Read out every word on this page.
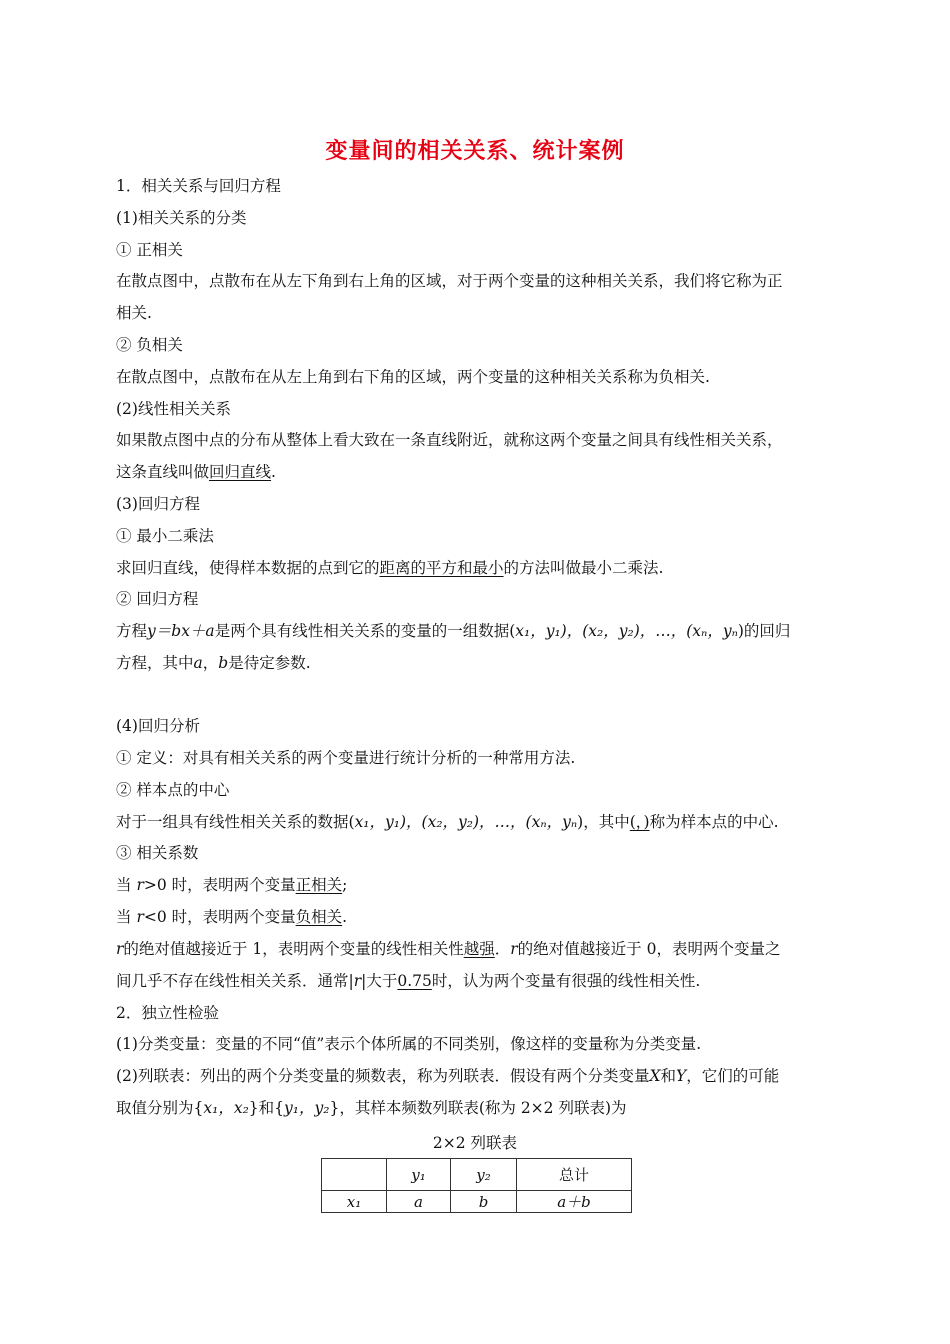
变量间的相关关系、统计案例
1．相关关系与回归方程
(1)相关关系的分类
① 正相关
在散点图中，点散布在从左下角到右上角的区域，对于两个变量的这种相关关系，我们将它称为正
相关.
② 负相关
在散点图中，点散布在从左上角到右下角的区域，两个变量的这种相关关系称为负相关.
(2)线性相关关系
如果散点图中点的分布从整体上看大致在一条直线附近，就称这两个变量之间具有线性相关关系，
这条直线叫做回归直线.
(3)回归方程
① 最小二乘法
求回归直线，使得样本数据的点到它的距离的平方和最小的方法叫做最小二乘法.
② 回归方程
方程y＝bx＋a是两个具有线性相关关系的变量的一组数据(x₁，y₁)，(x₂，y₂)，…，(xₙ，yₙ)的回归
方程，其中a，b是待定参数.
(4)回归分析
① 定义：对具有相关关系的两个变量进行统计分析的一种常用方法.
② 样本点的中心
对于一组具有线性相关关系的数据(x₁，y₁)，(x₂，y₂)，…，(xₙ，yₙ)，其中(，)称为样本点的中心.
③ 相关系数
当 r>0 时，表明两个变量正相关;
当 r<0 时，表明两个变量负相关.
r的绝对值越接近于 1，表明两个变量的线性相关性越强．r的绝对值越接近于 0，表明两个变量之
间几乎不存在线性相关关系．通常|r|大于0.75时，认为两个变量有很强的线性相关性.
2．独立性检验
(1)分类变量：变量的不同“值”表示个体所属的不同类别，像这样的变量称为分类变量.
(2)列联表：列出的两个分类变量的频数表，称为列联表．假设有两个分类变量X和Y，它们的可能
取值分别为{x₁，x₂}和{y₁，y₂}，其样本频数列联表(称为 2×2 列联表)为
2×2 列联表
	y₁	y₂	总计
x₁	a	b	a＋b
